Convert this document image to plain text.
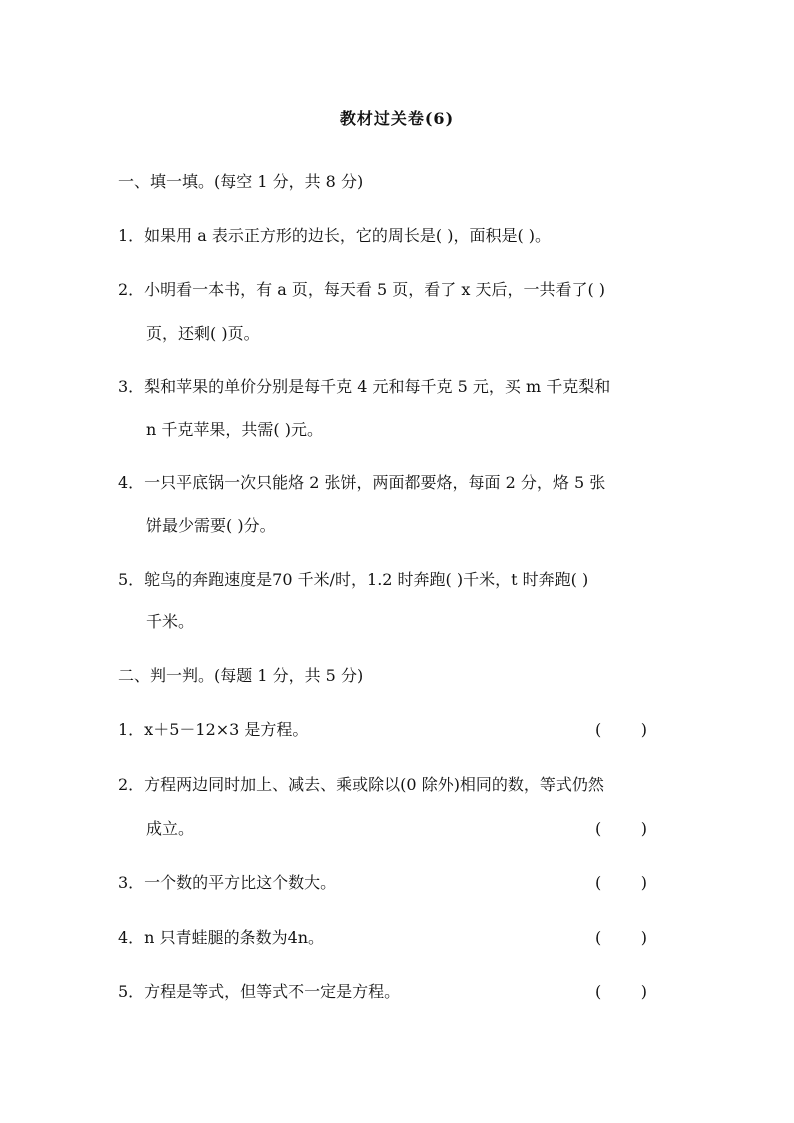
教材过关卷(6)
一、填一填。(每空 1 分，共 8 分)
1．如果用 a 表示正方形的边长，它的周长是( )，面积是( )。
2．小明看一本书，有 a 页，每天看 5 页，看了 x 天后，一共看了( )
页，还剩( )页。
3．梨和苹果的单价分别是每千克 4 元和每千克 5 元，买 m 千克梨和
n 千克苹果，共需( )元。
4．一只平底锅一次只能烙 2 张饼，两面都要烙，每面 2 分，烙 5 张
饼最少需要( )分。
5．鸵鸟的奔跑速度是70 千米/时，1.2 时奔跑( )千米，t 时奔跑( )
千米。
二、判一判。(每题 1 分，共 5 分)
1．x＋5－12×3 是方程。	( )
2．方程两边同时加上、减去、乘或除以(0 除外)相同的数，等式仍然
成立。	( )
3．一个数的平方比这个数大。	( )
4．n 只青蛙腿的条数为4n。	( )
5．方程是等式，但等式不一定是方程。	( )
